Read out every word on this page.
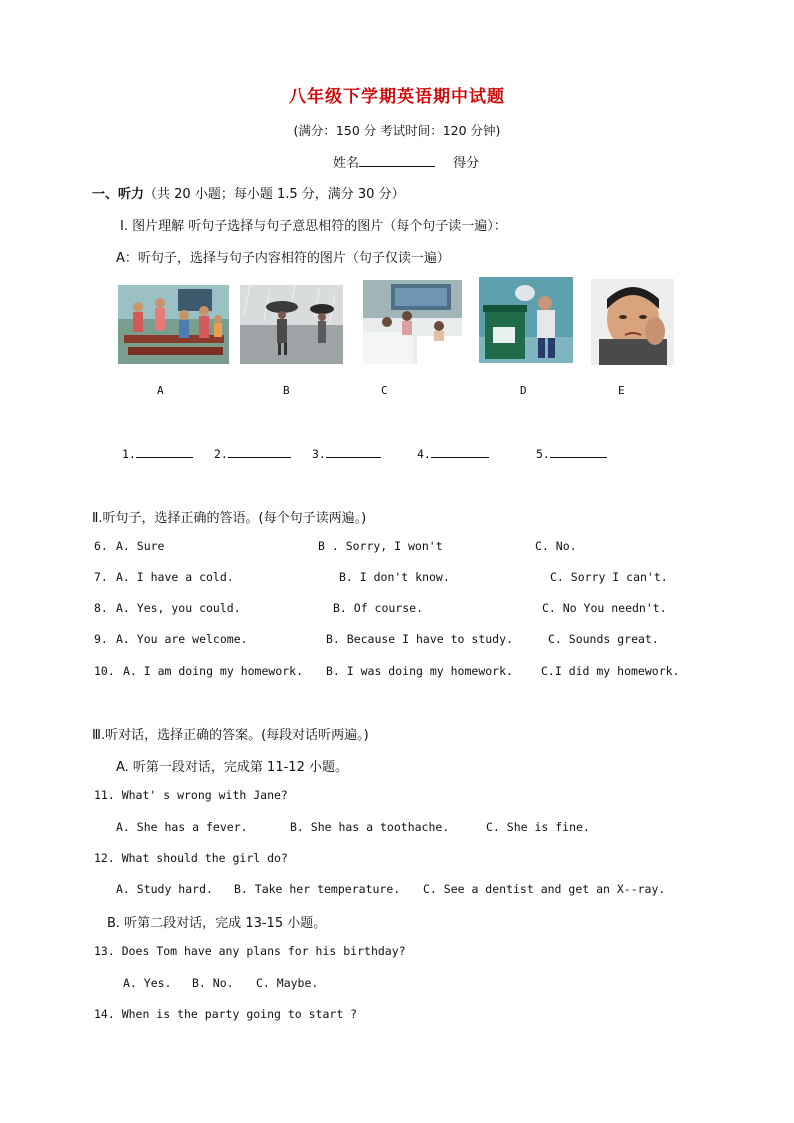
八年级下学期英语期中试题
(满分：150 分 考试时间：120 分钟)
姓名	得分
一、听力（共 20 小题；每小题 1.5 分，满分 30 分）
Ⅰ. 图片理解 听句子选择与句子意思相符的图片（每个句子读一遍）：
A：听句子，选择与句子内容相符的图片（句子仅读一遍）
A	B	C	D	E
1.	2.	3.	4.	5.
Ⅱ.听句子，选择正确的答语。(每个句子读两遍。)
6. A. Sure	B . Sorry, I won't	C. No.
7. A. I have a cold.	B. I don't know.	C. Sorry I can't.
8. A. Yes, you could.	B. Of course.	C. No You needn't.
9. A. You are welcome.	B. Because I have to study.	C. Sounds great.
10. A. I am doing my homework. B. I was doing my homework. C.I did my homework.
Ⅲ.听对话，选择正确的答案。(每段对话听两遍。)
A. 听第一段对话，完成第 11-12 小题。
11. What' s wrong with Jane?
A. She has a fever.	B. She has a toothache.	C. She is fine.
12. What should the girl do?
A. Study hard. B. Take her temperature. C. See a dentist and get an X--ray.
B. 听第二段对话，完成 13-15 小题。
13. Does Tom have any plans for his birthday?
A. Yes. B. No. C. Maybe.
14. When is the party going to start ?
